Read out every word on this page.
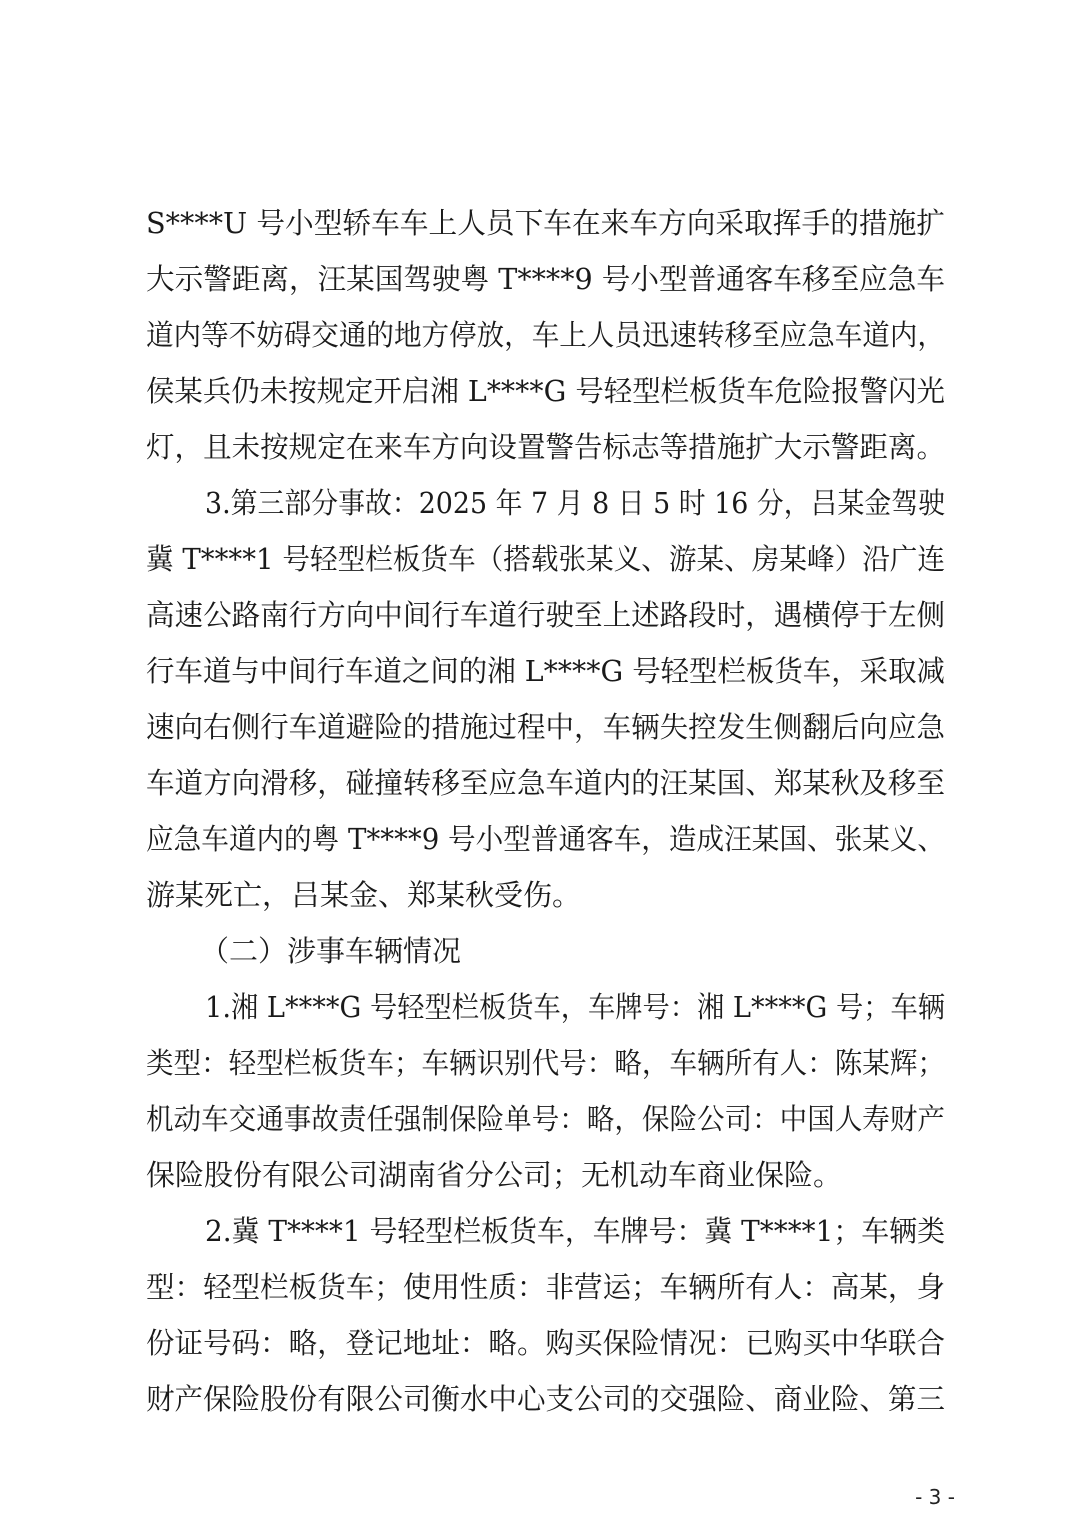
S****U 号小型轿车车上人员下车在来车方向采取挥手的措施扩
大示警距离，汪某国驾驶粤 T****9 号小型普通客车移至应急车
道内等不妨碍交通的地方停放，车上人员迅速转移至应急车道内，
侯某兵仍未按规定开启湘 L****G 号轻型栏板货车危险报警闪光
灯，且未按规定在来车方向设置警告标志等措施扩大示警距离。
3.第三部分事故：2025 年 7 月 8 日 5 时 16 分，吕某金驾驶
冀 T****1 号轻型栏板货车（搭载张某义、游某、房某峰）沿广连
高速公路南行方向中间行车道行驶至上述路段时，遇横停于左侧
行车道与中间行车道之间的湘 L****G 号轻型栏板货车，采取减
速向右侧行车道避险的措施过程中，车辆失控发生侧翻后向应急
车道方向滑移，碰撞转移至应急车道内的汪某国、郑某秋及移至
应急车道内的粤 T****9 号小型普通客车，造成汪某国、张某义、
游某死亡，吕某金、郑某秋受伤。
（二）涉事车辆情况
1.湘 L****G 号轻型栏板货车，车牌号：湘 L****G 号；车辆
类型：轻型栏板货车；车辆识别代号：略，车辆所有人：陈某辉；
机动车交通事故责任强制保险单号：略，保险公司：中国人寿财产
保险股份有限公司湖南省分公司；无机动车商业保险。
2.冀 T****1 号轻型栏板货车，车牌号：冀 T****1；车辆类
型：轻型栏板货车；使用性质：非营运；车辆所有人：高某，身
份证号码：略，登记地址：略。购买保险情况：已购买中华联合
财产保险股份有限公司衡水中心支公司的交强险、商业险、第三
- 3 -
